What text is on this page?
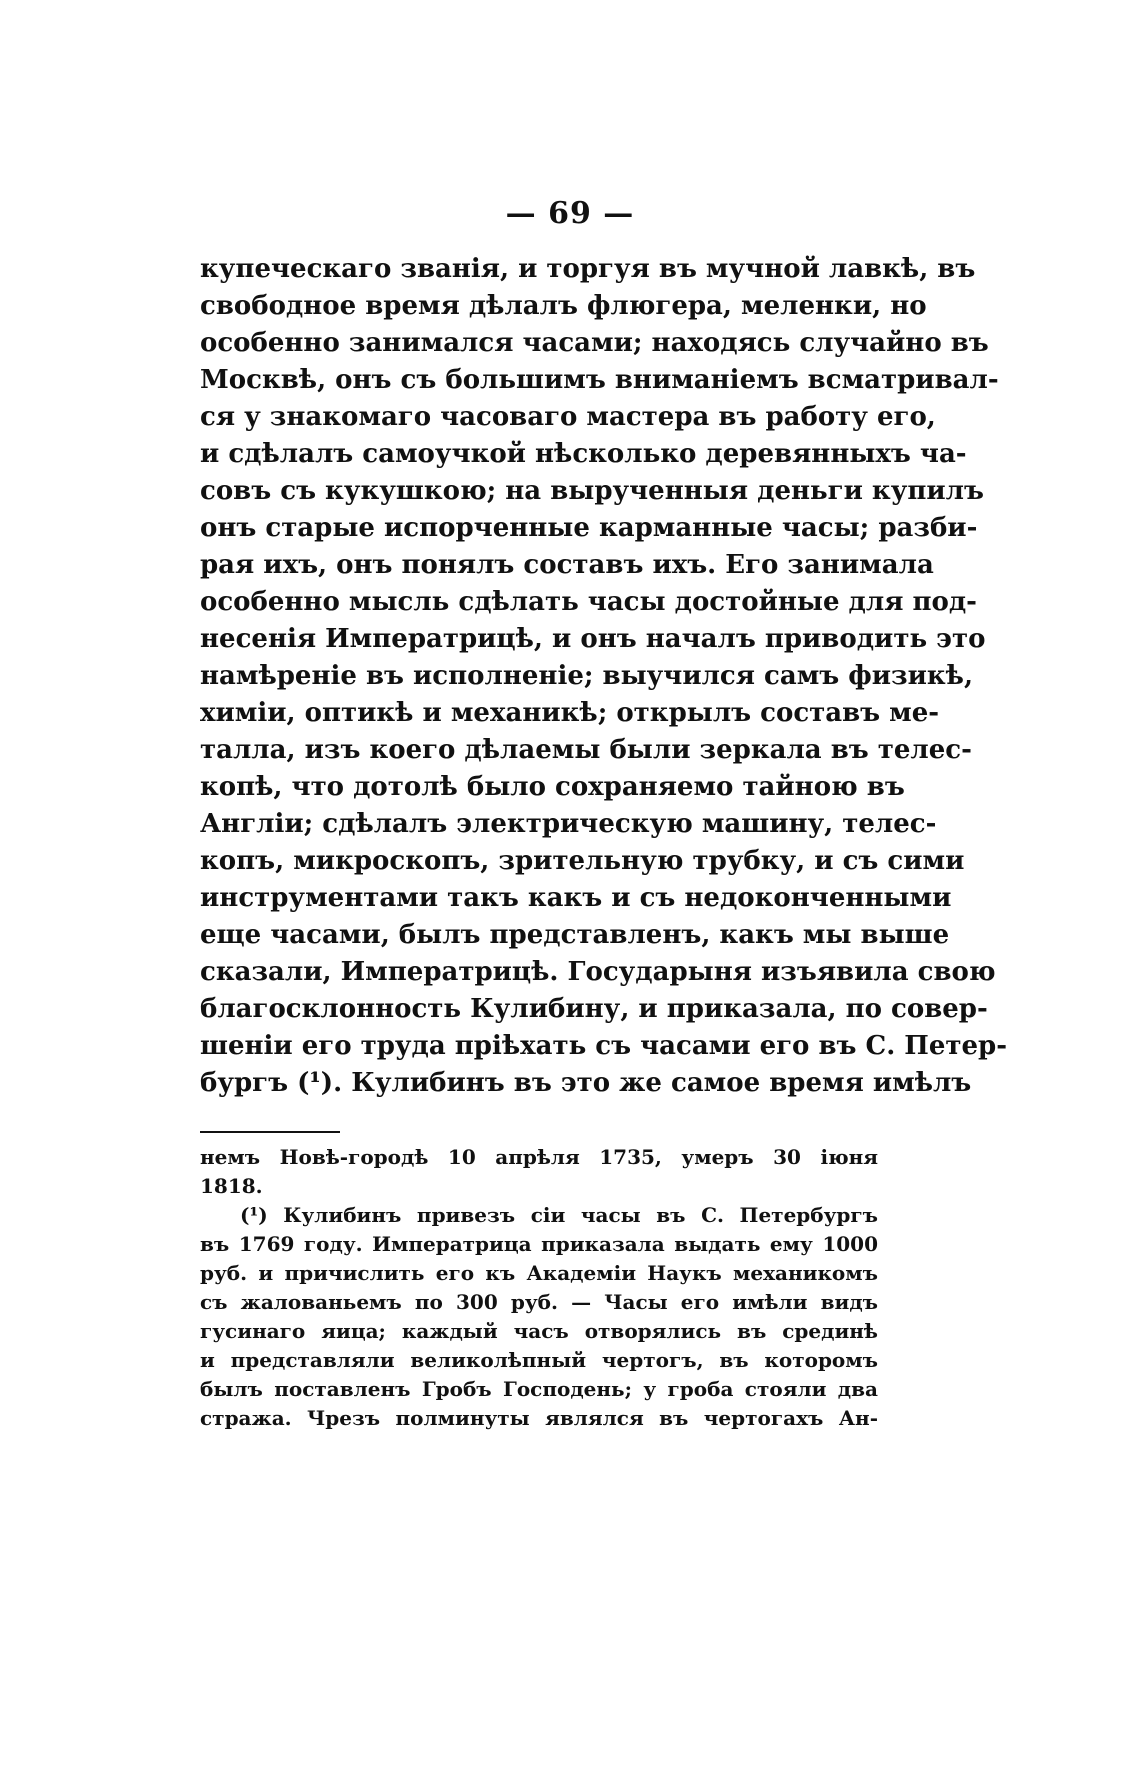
— 69 —
купеческаго званія, и торгуя въ мучной лавкѣ, въ
свободное время дѣлалъ флюгера, меленки, но
особенно занимался часами; находясь случайно въ
Москвѣ, онъ съ большимъ вниманіемъ всматривал-
ся у знакомаго часоваго мастера въ работу его,
и сдѣлалъ самоучкой нѣсколько деревянныхъ ча-
совъ съ кукушкою; на вырученныя деньги купилъ
онъ старые испорченные карманные часы; разби-
рая ихъ, онъ понялъ составъ ихъ. Его занимала
особенно мысль сдѣлать часы достойные для под-
несенія Императрицѣ, и онъ началъ приводить это
намѣреніе въ исполненіе; выучился самъ физикѣ,
химіи, оптикѣ и механикѣ; открылъ составъ ме-
талла, изъ коего дѣлаемы были зеркала въ телес-
копѣ, что дотолѣ было сохраняемо тайною въ
Англіи; сдѣлалъ электрическую машину, телес-
копъ, микроскопъ, зрительную трубку, и съ сими
инструментами такъ какъ и съ недоконченными
еще часами, былъ представленъ, какъ мы выше
сказали, Императрицѣ. Государыня изъявила свою
благосклонность Кулибину, и приказала, по совер-
шеніи его труда пріѣхать съ часами его въ С. Петер-
бургъ (¹). Кулибинъ въ это же самое время имѣлъ
немъ Новѣ-городѣ 10 апрѣля 1735, умеръ 30 іюня
1818.
(¹) Кулибинъ привезъ сіи часы въ С. Петербургъ
въ 1769 году. Императрица приказала выдать ему 1000
руб. и причислить его къ Академіи Наукъ механикомъ
съ жалованьемъ по 300 руб. — Часы его имѣли видъ
гусинаго яица; каждый часъ отворялись въ срединѣ
и представляли великолѣпный чертогъ, въ которомъ
былъ поставленъ Гробъ Господень; у гроба стояли два
стража. Чрезъ полминуты являлся въ чертогахъ Ан-
